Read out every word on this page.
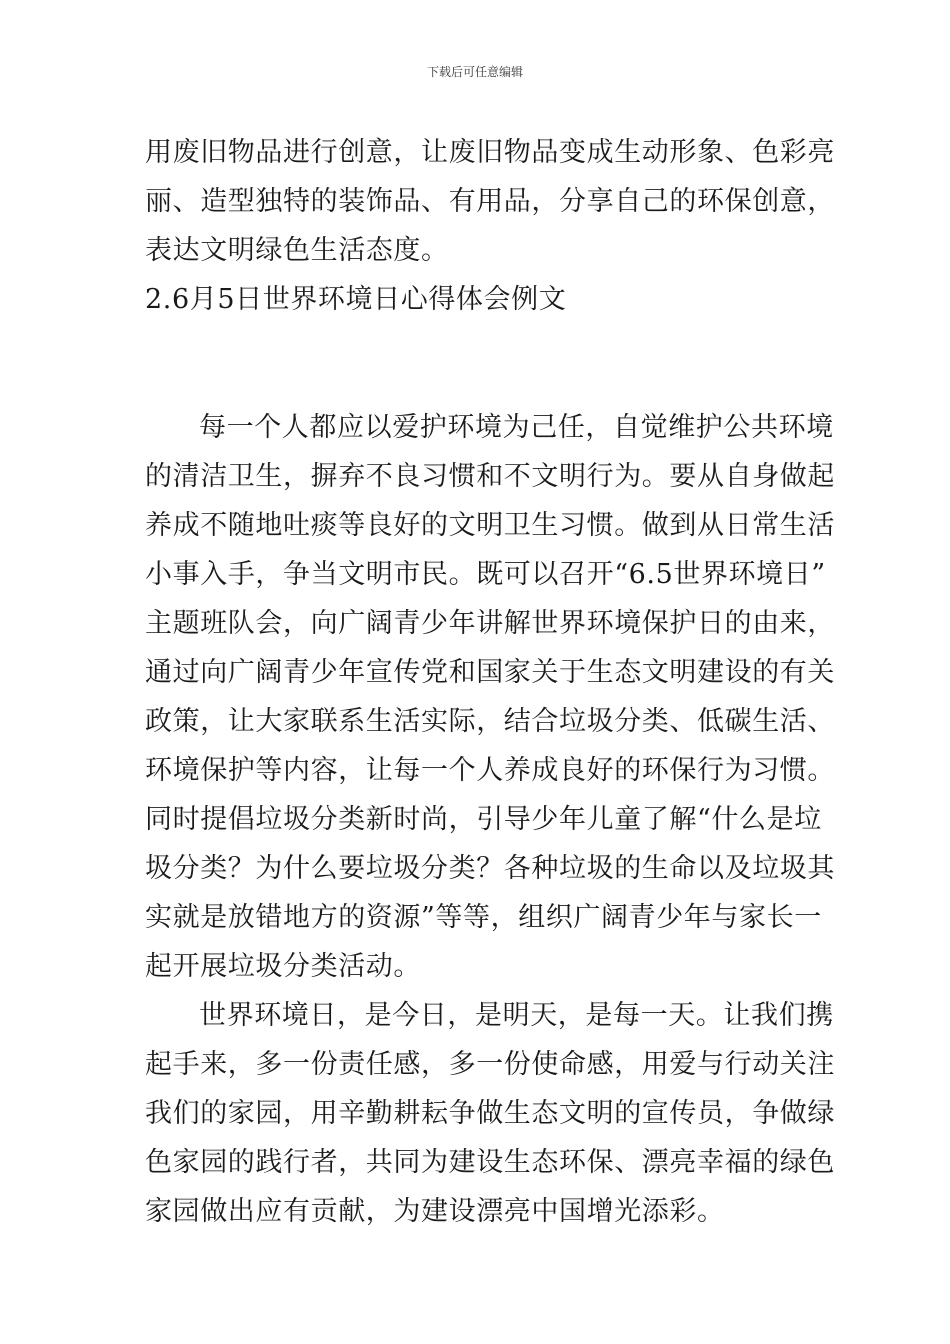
下载后可任意编辑
用废旧物品进行创意，让废旧物品变成生动形象、色彩亮
丽、造型独特的装饰品、有用品，分享自己的环保创意，
表达文明绿色生活态度。
2.6月5日世界环境日心得体会例文
每一个人都应以爱护环境为己任，自觉维护公共环境
的清洁卫生，摒弃不良习惯和不文明行为。要从自身做起
养成不随地吐痰等良好的文明卫生习惯。做到从日常生活
小事入手，争当文明市民。既可以召开“6.5世界环境日”
主题班队会，向广阔青少年讲解世界环境保护日的由来，
通过向广阔青少年宣传党和国家关于生态文明建设的有关
政策，让大家联系生活实际，结合垃圾分类、低碳生活、
环境保护等内容，让每一个人养成良好的环保行为习惯。
同时提倡垃圾分类新时尚，引导少年儿童了解“什么是垃
圾分类？为什么要垃圾分类？各种垃圾的生命以及垃圾其
实就是放错地方的资源”等等，组织广阔青少年与家长一
起开展垃圾分类活动。
世界环境日，是今日，是明天，是每一天。让我们携
起手来，多一份责任感，多一份使命感，用爱与行动关注
我们的家园，用辛勤耕耘争做生态文明的宣传员，争做绿
色家园的践行者，共同为建设生态环保、漂亮幸福的绿色
家园做出应有贡献，为建设漂亮中国增光添彩。
